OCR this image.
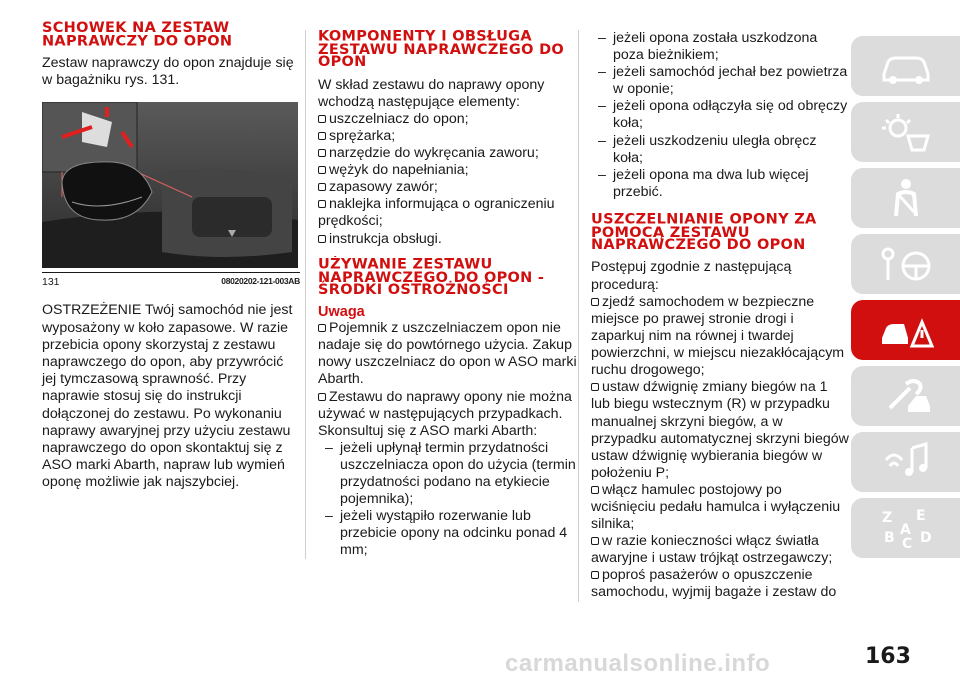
SCHOWEK NA ZESTAW NAPRAWCZY DO OPON

Zestaw naprawczy do opon znajduje się w bagażniku rys. 131.

131	08020202-121-003AB

OSTRZEŻENIE Twój samochód nie jest wyposażony w koło zapasowe. W razie przebicia opony skorzystaj z zestawu naprawczego do opon, aby przywrócić jej tymczasową sprawność. Przy naprawie stosuj się do instrukcji dołączonej do zestawu. Po wykonaniu naprawy awaryjnej przy użyciu zestawu naprawczego do opon skontaktuj się z ASO marki Abarth, napraw lub wymień oponę możliwie jak najszybciej.

KOMPONENTY I OBSŁUGA ZESTAWU NAPRAWCZEGO DO OPON

W skład zestawu do naprawy opony wchodzą następujące elementy:

uszczelniacz do opon;
sprężarka;
narzędzie do wykręcania zaworu;
wężyk do napełniania;
zapasowy zawór;
naklejka informująca o ograniczeniu prędkości;
instrukcja obsługi.
UŻYWANIE ZESTAWU NAPRAWCZEGO DO OPON - ŚRODKI OSTROŻNOŚCI
Uwaga
Pojemnik z uszczelniaczem opon nie nadaje się do powtórnego użycia. Zakup nowy uszczelniacz do opon w ASO marki Abarth.
Zestawu do naprawy opony nie można używać w następujących przypadkach. Skonsultuj się z ASO marki Abarth:
– jeżeli upłynął termin przydatności uszczelniacza opon do użycia (termin przydatności podano na etykiecie pojemnika);
– jeżeli wystąpiło rozerwanie lub przebicie opony na odcinku ponad 4 mm;
– jeżeli opona została uszkodzona poza bieżnikiem;
– jeżeli samochód jechał bez powietrza w oponie;
– jeżeli opona odłączyła się od obręczy koła;
– jeżeli uszkodzeniu uległa obręcz koła;
– jeżeli opona ma dwa lub więcej przebić.
USZCZELNIANIE OPONY ZA POMOCĄ ZESTAWU NAPRAWCZEGO DO OPON

Postępuj zgodnie z następującą procedurą:

zjedź samochodem w bezpieczne miejsce po prawej stronie drogi i zaparkuj nim na równej i twardej powierzchni, w miejscu niezakłócającym ruchu drogowego;
ustaw dźwignię zmiany biegów na 1 lub biegu wstecznym (R) w przypadku manualnej skrzyni biegów, a w przypadku automatycznej skrzyni biegów ustaw dźwignię wybierania biegów w położeniu P;
włącz hamulec postojowy po wciśnięciu pedału hamulca i wyłączeniu silnika;
w razie konieczności włącz światła awaryjne i ustaw trójkąt ostrzegawczy;
poproś pasażerów o opuszczenie samochodu, wyjmij bagaże i zestaw do
Z E
B A D
C
carmanualsonline.info	163
